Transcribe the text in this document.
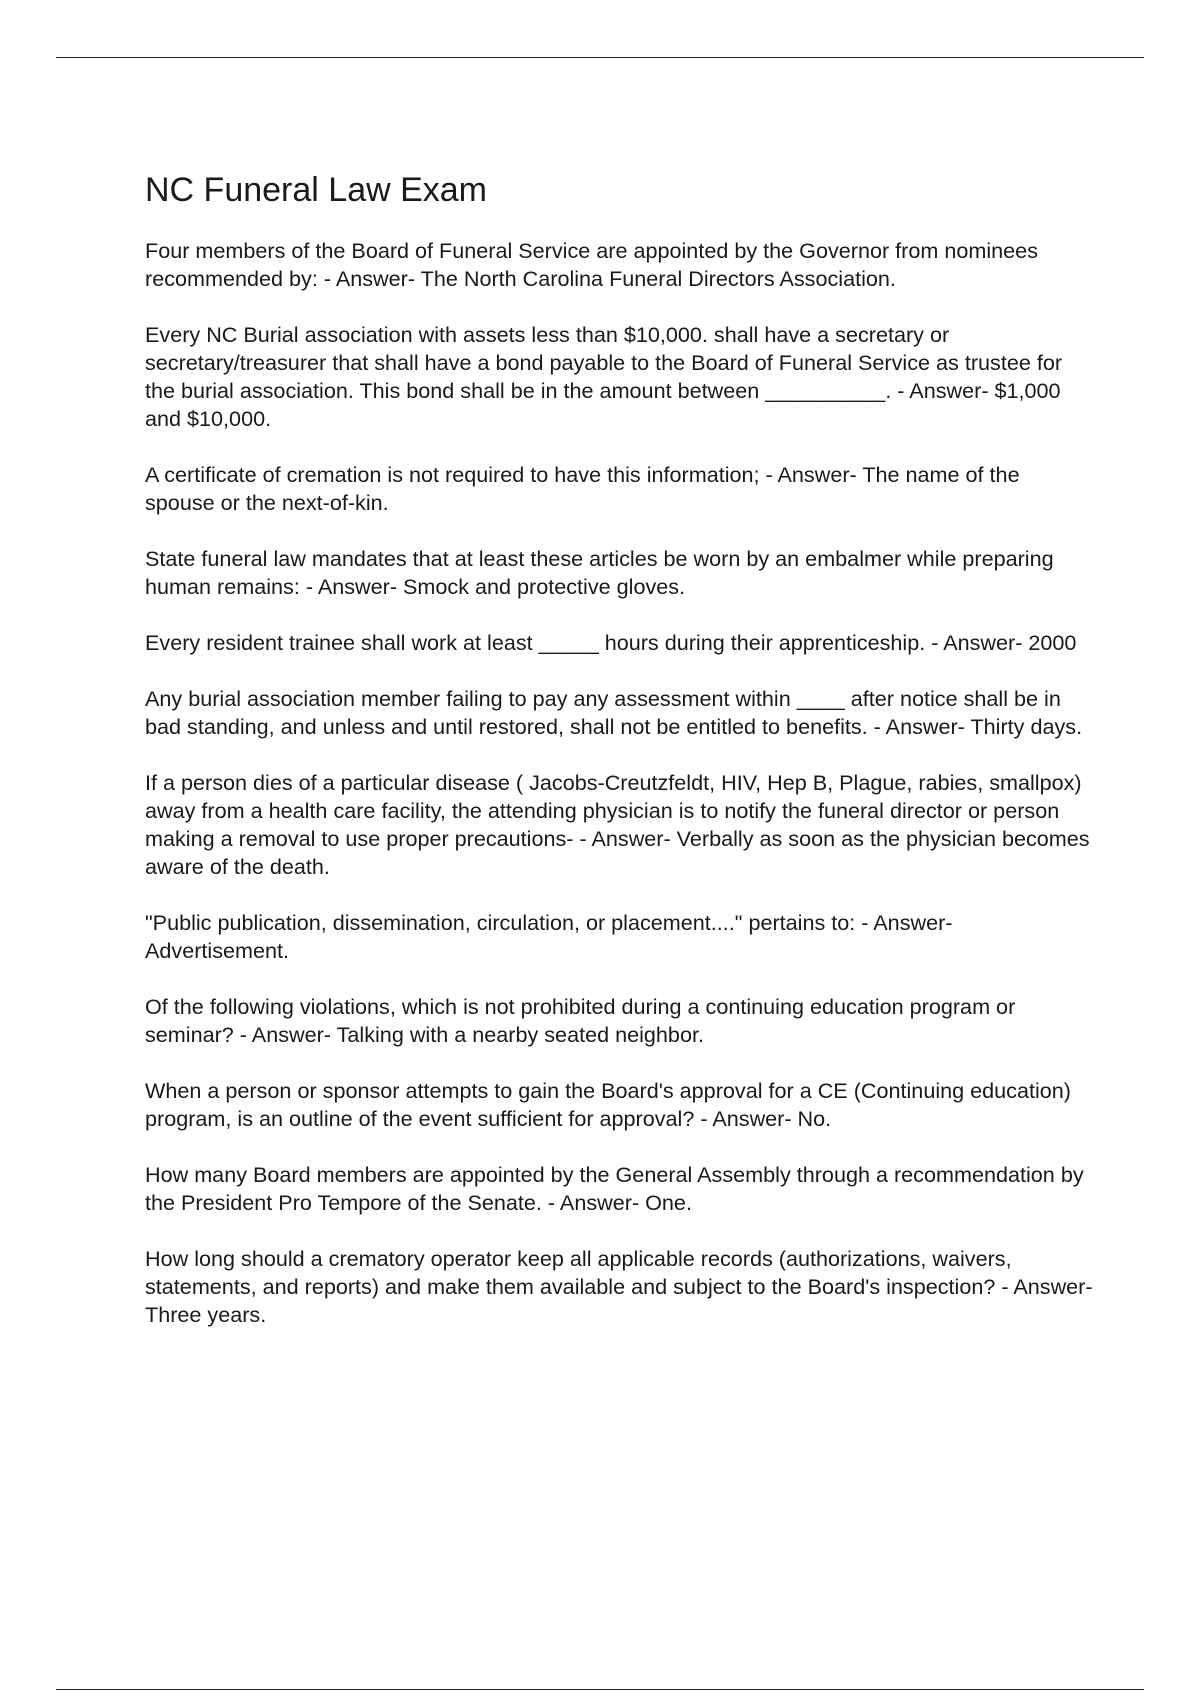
NC Funeral Law Exam

Four members of the Board of Funeral Service are appointed by the Governor from nominees recommended by: - Answer- The North Carolina Funeral Directors Association.

Every NC Burial association with assets less than $10,000. shall have a secretary or secretary/treasurer that shall have a bond payable to the Board of Funeral Service as trustee for the burial association. This bond shall be in the amount between __________. - Answer- $1,000 and $10,000.

A certificate of cremation is not required to have this information; - Answer- The name of the spouse or the next-of-kin.

State funeral law mandates that at least these articles be worn by an embalmer while preparing human remains: - Answer- Smock and protective gloves.

Every resident trainee shall work at least _____ hours during their apprenticeship. - Answer- 2000

Any burial association member failing to pay any assessment within ____ after notice shall be in bad standing, and unless and until restored, shall not be entitled to benefits. - Answer- Thirty days.

If a person dies of a particular disease ( Jacobs-Creutzfeldt, HIV, Hep B, Plague, rabies, smallpox) away from a health care facility, the attending physician is to notify the funeral director or person making a removal to use proper precautions- - Answer- Verbally as soon as the physician becomes aware of the death.

"Public publication, dissemination, circulation, or placement...." pertains to: - Answer- Advertisement.

Of the following violations, which is not prohibited during a continuing education program or seminar? - Answer- Talking with a nearby seated neighbor.

When a person or sponsor attempts to gain the Board's approval for a CE (Continuing education) program, is an outline of the event sufficient for approval? - Answer- No.

How many Board members are appointed by the General Assembly through a recommendation by the President Pro Tempore of the Senate. - Answer- One.

How long should a crematory operator keep all applicable records (authorizations, waivers, statements, and reports) and make them available and subject to the Board's inspection? - Answer- Three years.
